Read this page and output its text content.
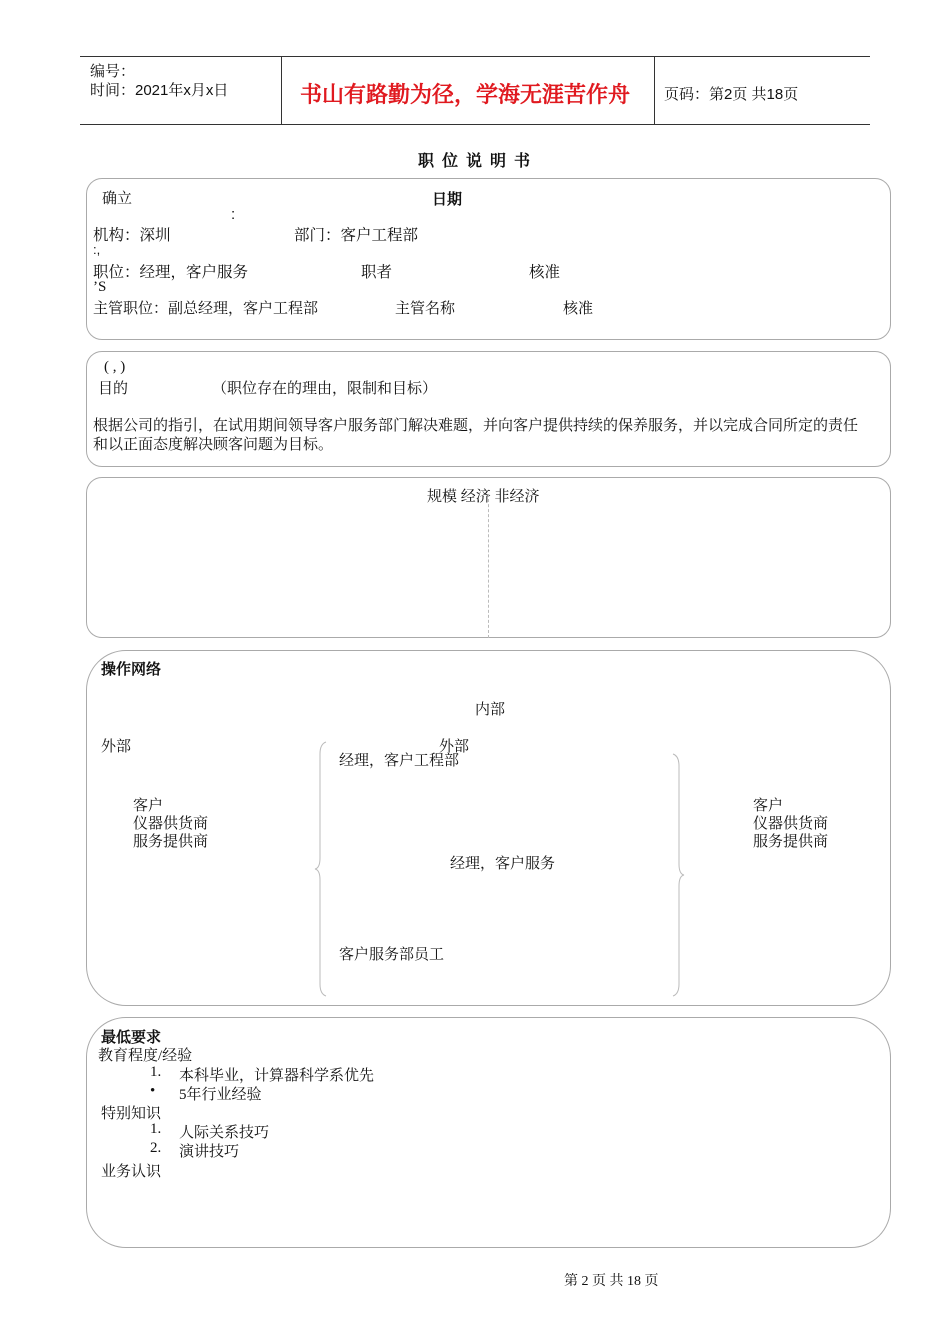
编号：
时间：2021年x月x日	书山有路勤为径，学海无涯苦作舟 页码：第2页 共18页
职 位 说 明 书
确立	日期
:
机构：深圳	部门：客户工程部
:,
职位：经理，客户服务	职者	核准
’S
主管职位：副总经理，客户工程部	主管名称	核准
( , )
目的	（职位存在的理由，限制和目标）
根据公司的指引，在试用期间领导客户服务部门解决难题，并向客户提供持续的保养服务，并以完成合同所定的责任
和以正面态度解决顾客问题为目标。
规模 经济 非经济
操作网络
内部
外部	外部
客户
仪器供货商
服务提供商
客户
仪器供货商
服务提供商
经理，客户工程部
经理，客户服务
客户服务部员工
最低要求
教育程度/经验
1. 本科毕业，计算器科学系优先
• 5年行业经验
特别知识
1. 人际关系技巧
2. 演讲技巧
业务认识
第 2 页 共 18 页
